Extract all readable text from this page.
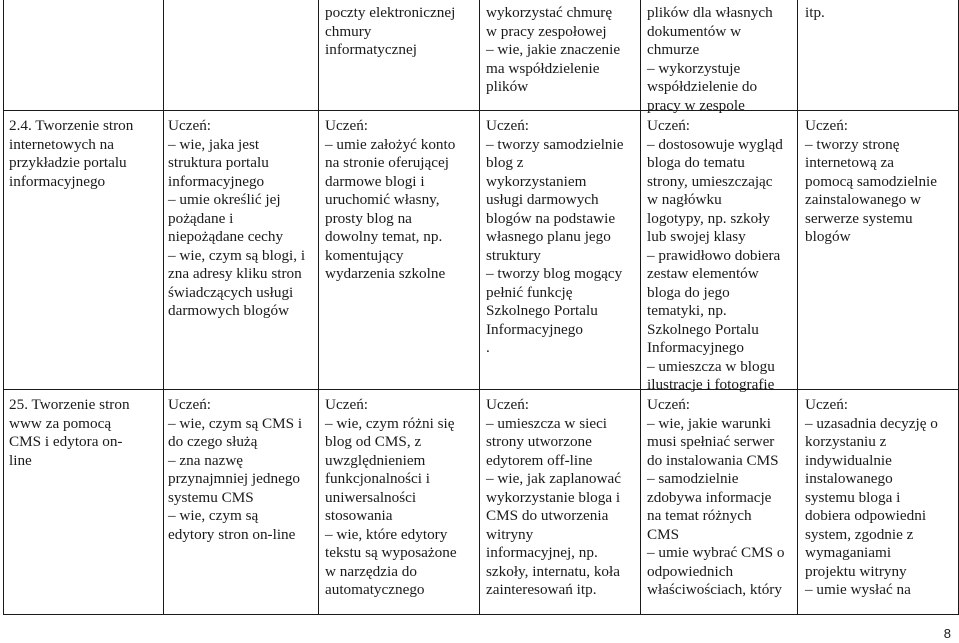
2.4. Tworzenie stron
internetowych na
przykładzie portalu
informacyjnego
25. Tworzenie stron
www za pomocą
CMS i edytora on-
line
Uczeń:
– wie, jaka jest
struktura portalu
informacyjnego
– umie określić jej
pożądane i
niepożądane cechy
– wie, czym są blogi, i
zna adresy kliku stron
świadczących usługi
darmowych blogów
Uczeń:
– wie, czym są CMS i
do czego służą
– zna nazwę
przynajmniej jednego
systemu CMS
– wie, czym są
edytory stron on-line
poczty elektronicznej
chmury
informatycznej
Uczeń:
– umie założyć konto
na stronie oferującej
darmowe blogi i
uruchomić własny,
prosty blog na
dowolny temat, np.
komentujący
wydarzenia szkolne
Uczeń:
– wie, czym różni się
blog od CMS, z
uwzględnieniem
funkcjonalności i
uniwersalności
stosowania
– wie, które edytory
tekstu są wyposażone
w narzędzia do
automatycznego
wykorzystać chmurę
w pracy zespołowej
– wie, jakie znaczenie
ma współdzielenie
plików
Uczeń:
– tworzy samodzielnie
blog z
wykorzystaniem
usługi darmowych
blogów na podstawie
własnego planu jego
struktury
– tworzy blog mogący
pełnić funkcję
Szkolnego Portalu
Informacyjnego
.
Uczeń:
– umieszcza w sieci
strony utworzone
edytorem off-line
– wie, jak zaplanować
wykorzystanie bloga i
CMS do utworzenia
witryny
informacyjnej, np.
szkoły, internatu, koła
zainteresowań itp.
plików dla własnych
dokumentów w
chmurze
– wykorzystuje
współdzielenie do
pracy w zespole
Uczeń:
– dostosowuje wygląd
bloga do tematu
strony, umieszczając
w nagłówku
logotypy, np. szkoły
lub swojej klasy
– prawidłowo dobiera
zestaw elementów
bloga do jego
tematyki, np.
Szkolnego Portalu
Informacyjnego
– umieszcza w blogu
ilustracje i fotografie
Uczeń:
– wie, jakie warunki
musi spełniać serwer
do instalowania CMS
– samodzielnie
zdobywa informacje
na temat różnych
CMS
– umie wybrać CMS o
odpowiednich
właściwościach, który
itp.
Uczeń:
– tworzy stronę
internetową za
pomocą samodzielnie
zainstalowanego w
serwerze systemu
blogów
Uczeń:
– uzasadnia decyzję o
korzystaniu z
indywidualnie
instalowanego
systemu bloga i
dobiera odpowiedni
system, zgodnie z
wymaganiami
projektu witryny
– umie wysłać na
8
